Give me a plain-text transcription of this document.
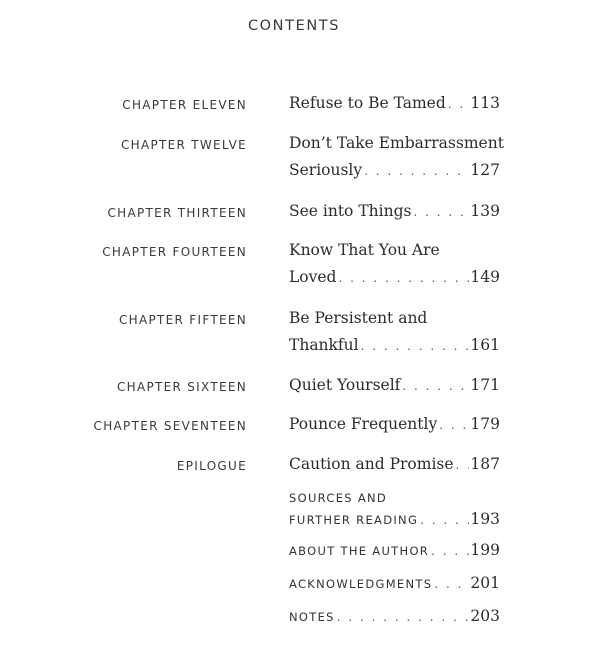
CONTENTS
CHAPTER ELEVEN	Refuse to Be Tamed . . . 113
CHAPTER TWELVE	Don’t Take Embarrassment
Seriously . . .	127
CHAPTER THIRTEEN	See into Things . . .	139
CHAPTER FOURTEEN	Know That You Are
Loved . . .	149
CHAPTER FIFTEEN	Be Persistent and
Thankful . . .	161
CHAPTER SIXTEEN	Quiet Yourself . . .	171
CHAPTER SEVENTEEN	Pounce Frequently . . . 179
EPILOGUE	Caution and Promise . . . 187
SOURCES AND
FURTHER READING . . .	193
ABOUT THE AUTHOR . . .	199
ACKNOWLEDGMENTS . . . 201
NOTES . . .	203
